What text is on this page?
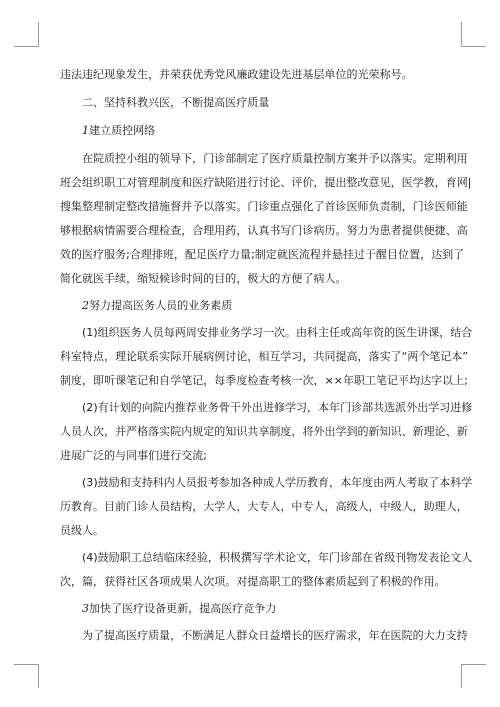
违法违纪现象发生，并荣获优秀党风廉政建设先进基层单位的光荣称号。
二、坚持科教兴医，不断提高医疗质量
1建立质控网络
在院质控小组的领导下，门诊部制定了医疗质量控制方案并予以落实。定期利用
班会组织职工对管理制度和医疗缺陷进行讨论、评价，提出整改意见，医学教，育网|
搜集整理制定整改措施督并予以落实。门诊重点强化了首诊医师负责制，门诊医师能
够根据病情需要合理检查，合理用药，认真书写门诊病历。努力为患者提供便捷、高
效的医疗服务;合理排班，配足医疗力量;制定就医流程并悬挂过于醒目位置，达到了
简化就医手续，缩短候诊时间的目的，极大的方便了病人。
2努力提高医务人员的业务素质
(1)组织医务人员每两周安排业务学习一次。由科主任或高年资的医生讲课，结合
科室特点，理论联系实际开展病例讨论，相互学习，共同提高，落实了“两个笔记本”
制度，即听课笔记和自学笔记，每季度检查考核一次，××年职工笔记平均达字以上;
(2)有计划的向院内推荐业务骨干外出进修学习，本年门诊部共选派外出学习进修
人员人次，并严格落实院内规定的知识共享制度，将外出学到的新知识、新理论、新
进展广泛的与同事们进行交流;
(3)鼓励和支持科内人员报考参加各种成人学历教育，本年度由两人考取了本科学
历教育。目前门诊人员结构，大学人，大专人，中专人，高级人，中级人，助理人，
员级人。
(4)鼓励职工总结临床经验，积极撰写学术论文，年门诊部在省级刊物发表论文人
次，篇，获得社区各项成果人次项。对提高职工的整体素质起到了积极的作用。
3加快了医疗设备更新，提高医疗竞争力
为了提高医疗质量，不断满足人群众日益增长的医疗需求，年在医院的大力支持
